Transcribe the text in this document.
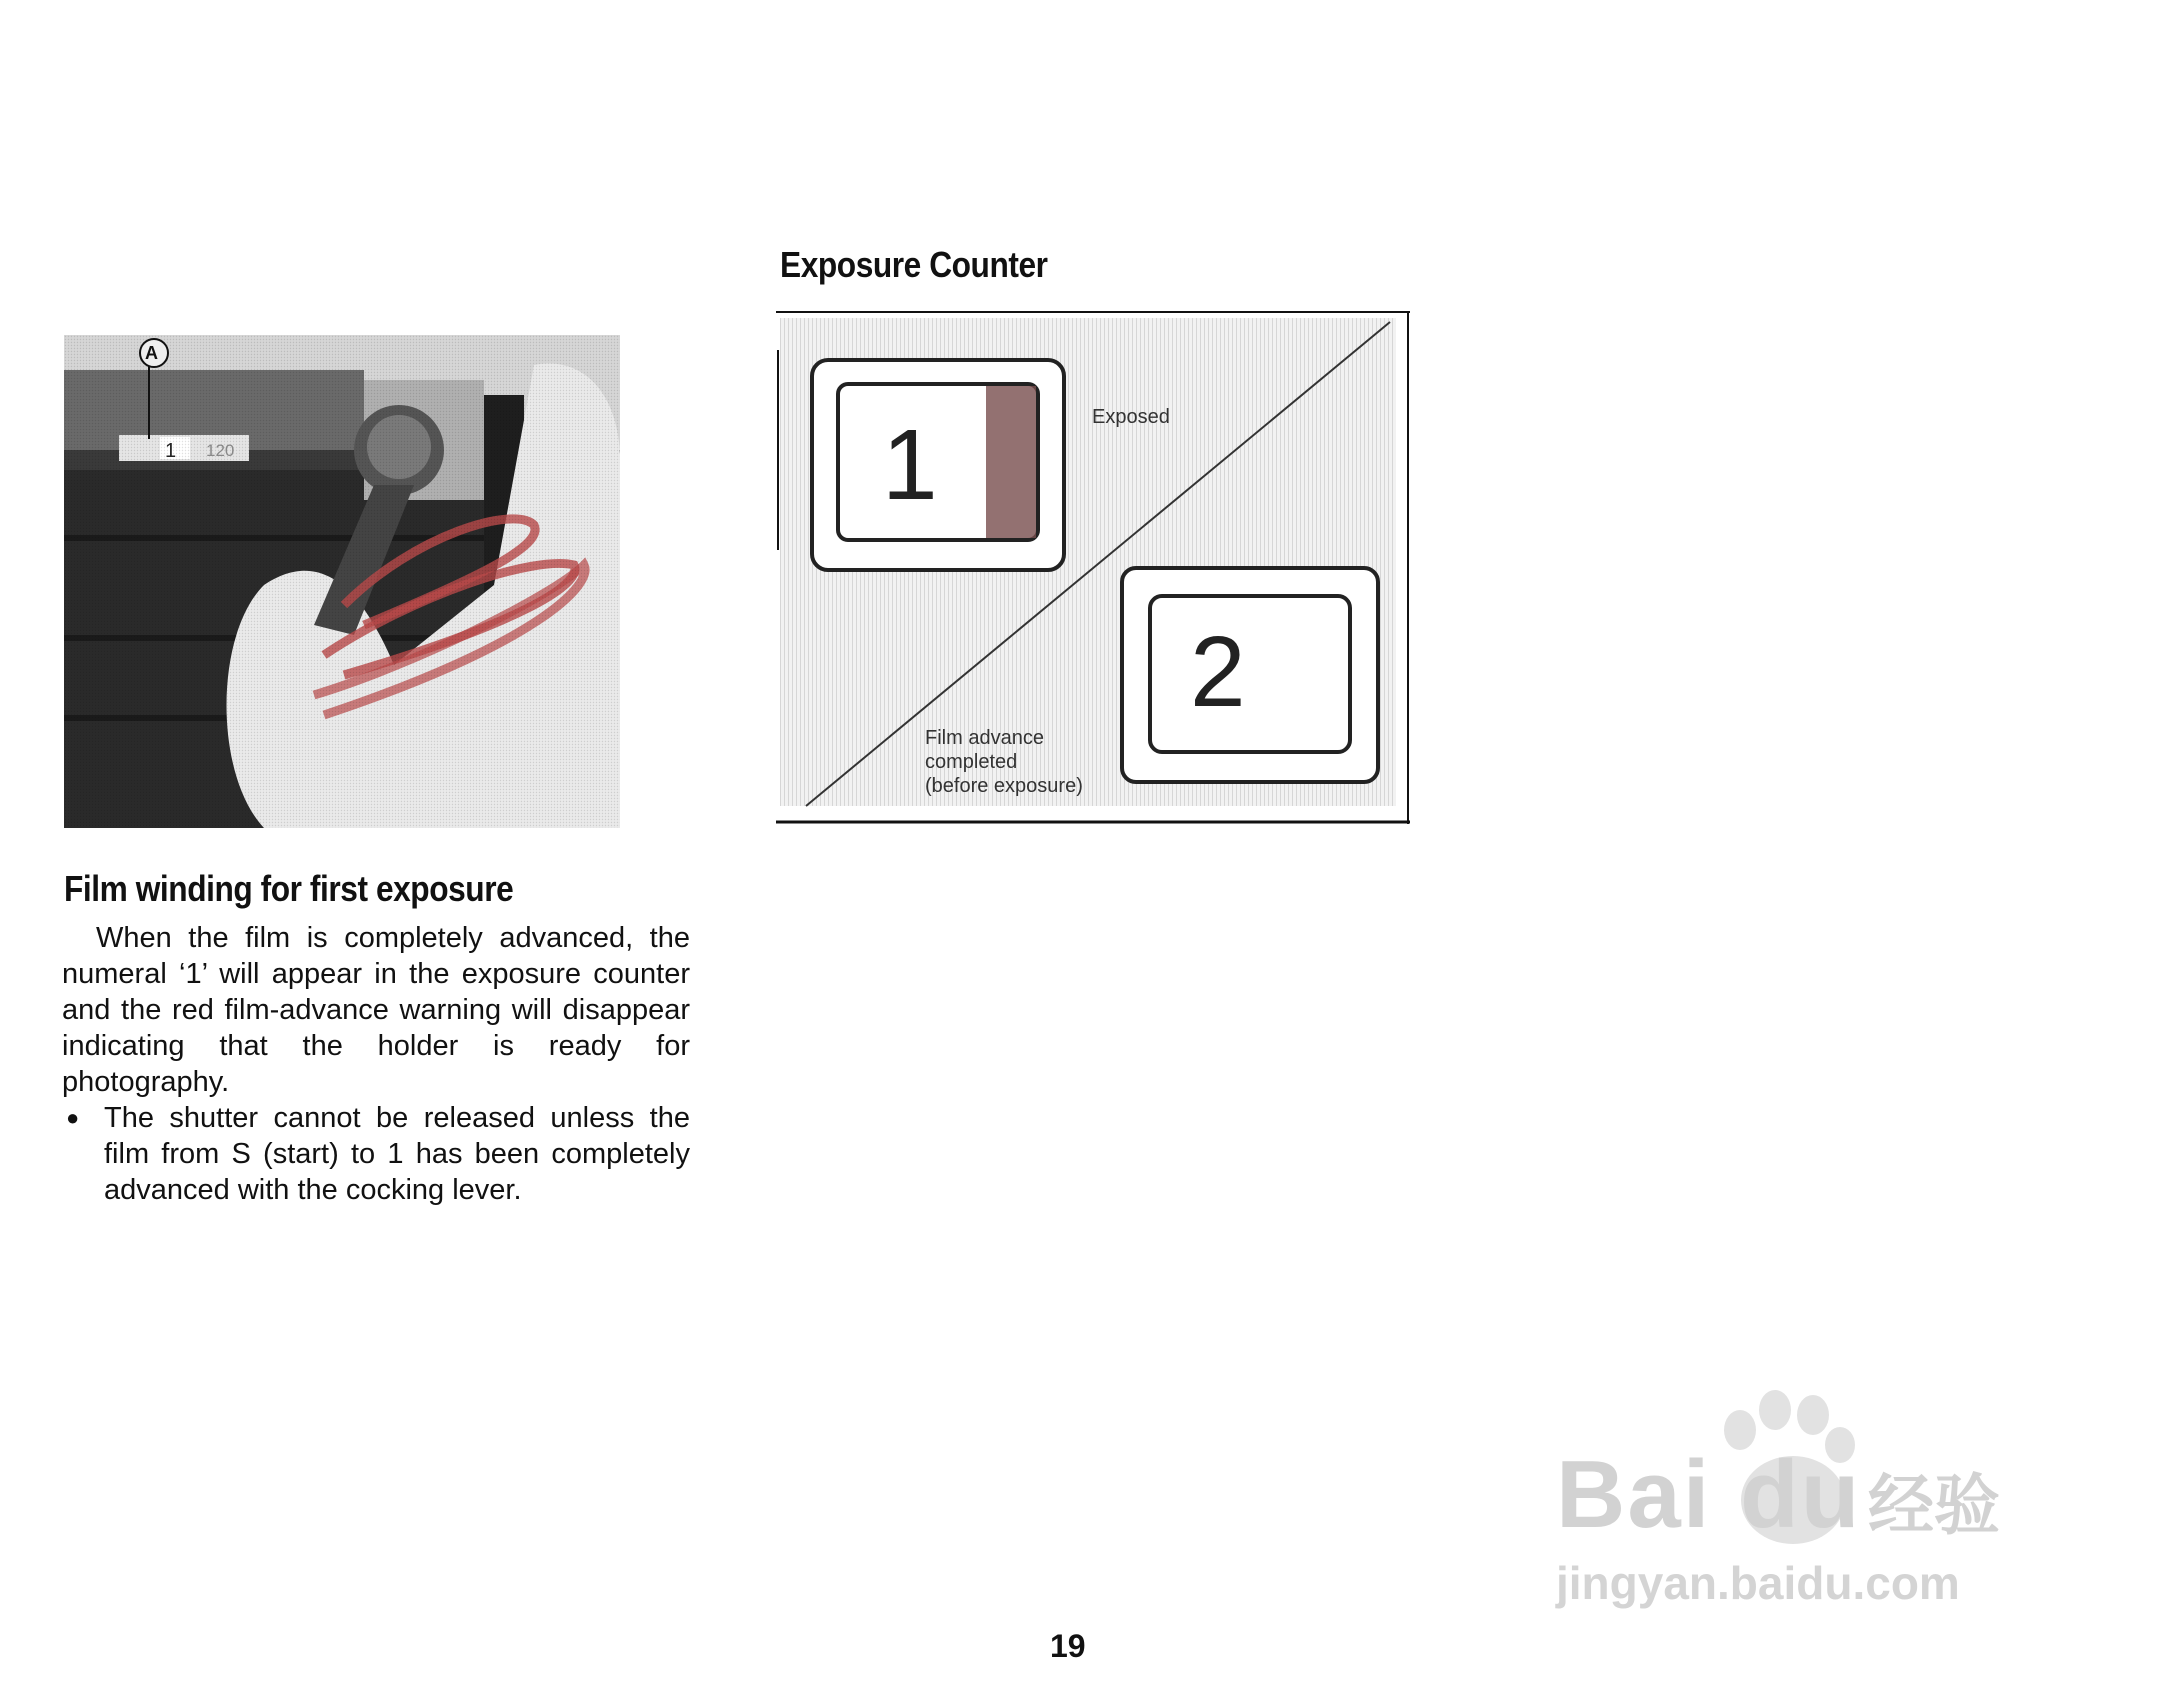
A
1 120
Film winding for first exposure

When the film is completely advanced, the numeral ‘1’ will appear in the exposure counter and the red film-advance warning will disappear indicating that the holder is ready for photography.

● The shutter cannot be released unless the film from S (start) to 1 has been completely advanced with the cocking lever.
Exposure Counter
1
2
Exposed
Film advance
completed
(before exposure)
19
Bai du 经验
jingyan.baidu.com
